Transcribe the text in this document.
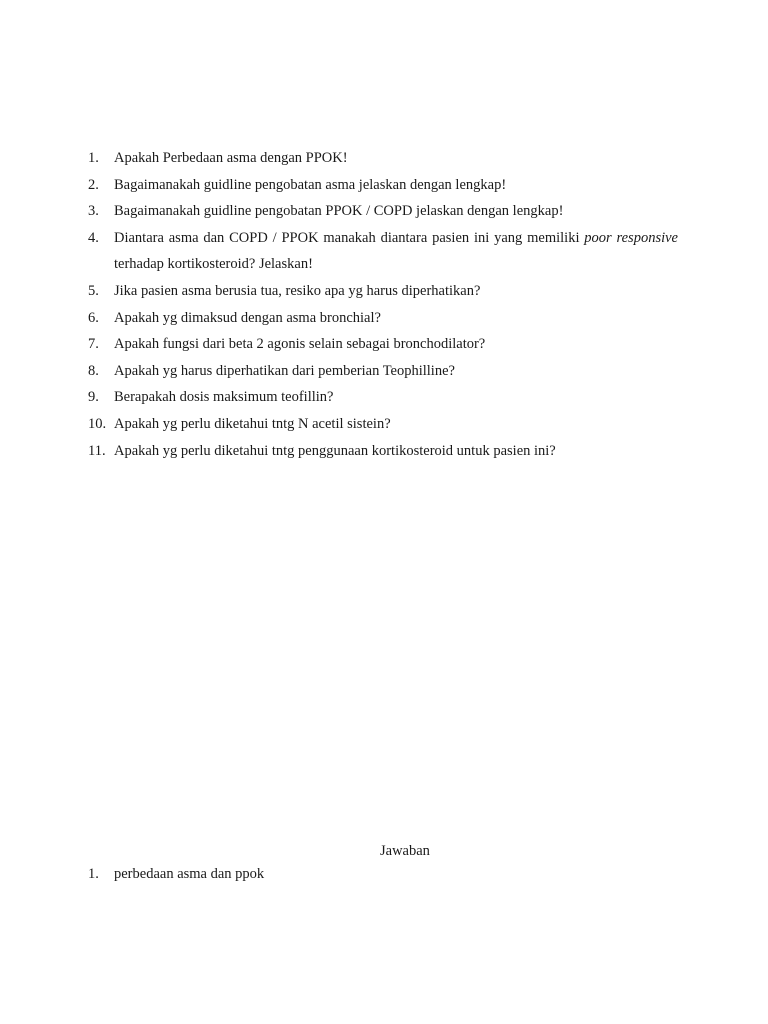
1. Apakah Perbedaan asma dengan PPOK!
2. Bagaimanakah guidline pengobatan asma jelaskan dengan lengkap!
3. Bagaimanakah guidline pengobatan PPOK / COPD jelaskan dengan lengkap!
4. Diantara asma dan COPD / PPOK manakah diantara pasien ini yang memiliki poor responsive terhadap kortikosteroid? Jelaskan!
5. Jika pasien asma berusia tua, resiko apa yg harus diperhatikan?
6. Apakah yg dimaksud dengan asma bronchial?
7. Apakah fungsi dari beta 2 agonis selain sebagai bronchodilator?
8. Apakah yg harus diperhatikan dari pemberian Teophilline?
9. Berapakah dosis maksimum teofillin?
10. Apakah yg perlu diketahui tntg N acetil sistein?
11. Apakah yg perlu diketahui tntg penggunaan kortikosteroid untuk pasien ini?
Jawaban
1. perbedaan asma dan ppok
